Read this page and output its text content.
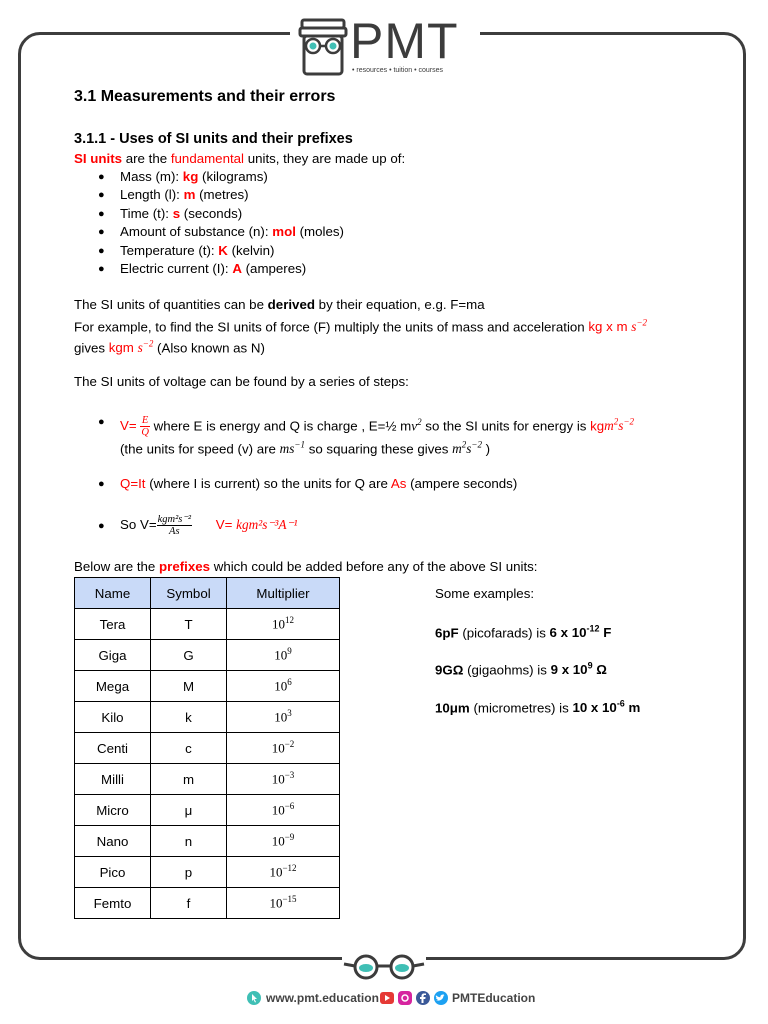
PMT
• resources • tuition • courses
3.1 Measurements and their errors
3.1.1 - Uses of SI units and their prefixes
SI units are the fundamental units, they are made up of:
● Mass (m): kg (kilograms)
● Length (l): m (metres)
● Time (t): s (seconds)
● Amount of substance (n): mol (moles)
● Temperature (t): K (kelvin)
● Electric current (I): A (amperes)
The SI units of quantities can be derived by their equation, e.g. F=ma
For example, to find the SI units of force (F) multiply the units of mass and acceleration kg x m $s^{-2}$
gives kgm $s^{-2}$ (Also known as N)
The SI units of voltage can be found by a series of steps:
● $V= \frac{E}{Q}$ where E is energy and Q is charge , E=½ $mv^2$ so the SI units for energy is $kgm^2s^{-2}$
(the units for speed (v) are $ms^{-1}$ so squaring these gives $m^2s^{-2}$ )
● Q=It (where I is current) so the units for Q are As (ampere seconds)
● So $V= \frac{\text{kgm²s⁻²}}{As} V= kgm^2s^{-3}A^{-1}$
Below are the prefixes which could be added before any of the above SI units:
Name	Symbol	Multiplier
Tera	T	$10^{12}$
Giga	G	$10^9$
Mega	M	$10^6$
Kilo	k	$10^3$
Centi	c	$10^{-2}$
Milli	m	$10^{-3}$
Micro	μ	$10^{-6}$
Nano	n	$10^{-9}$
Pico	p	$10^{-12}$
Femto	f	$10^{-15}$
Some examples:
6pF (picofarads) is 6 x $10^{-12}$ F
9GΩ (gigaohms) is 9 x $10^9$ Ω
10μm (micrometres) is 10 x $10^{-6}$ m
www.pmt.education	PMTEducation
